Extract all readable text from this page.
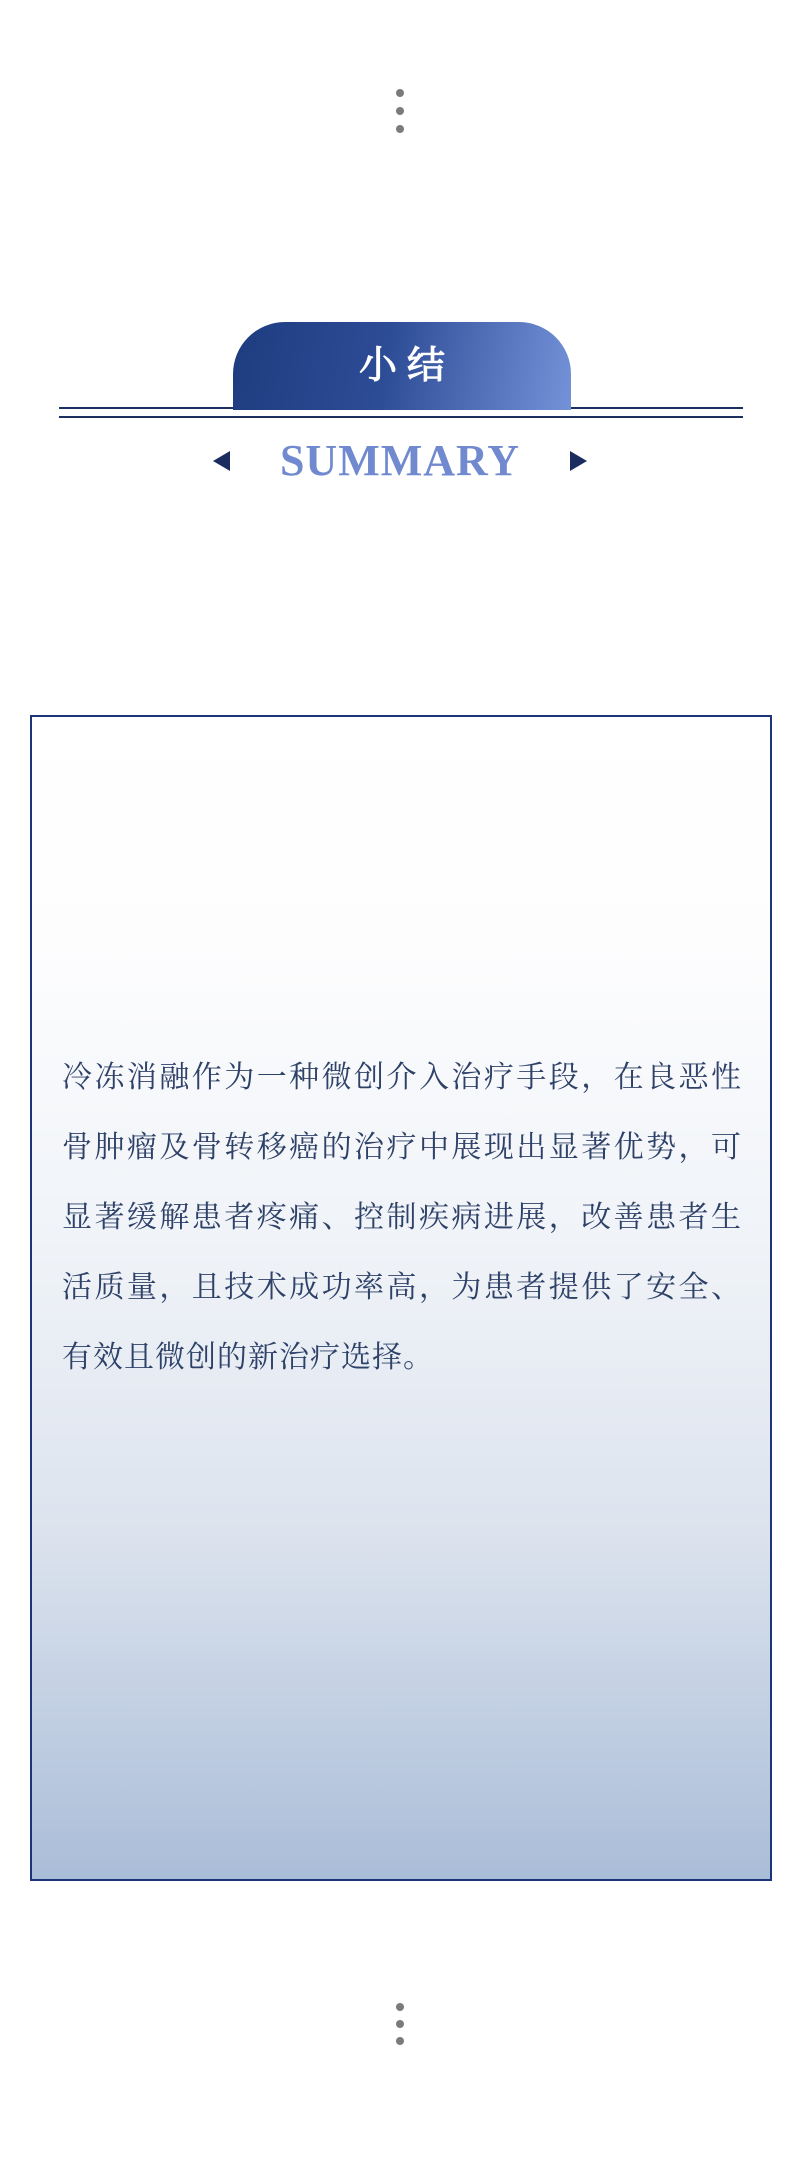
小结
SUMMARY
冷冻消融作为一种微创介入治疗手段，在良恶性
骨肿瘤及骨转移癌的治疗中展现出显著优势，可
显著缓解患者疼痛、控制疾病进展，改善患者生
活质量，且技术成功率高，为患者提供了安全、
有效且微创的新治疗选择。
